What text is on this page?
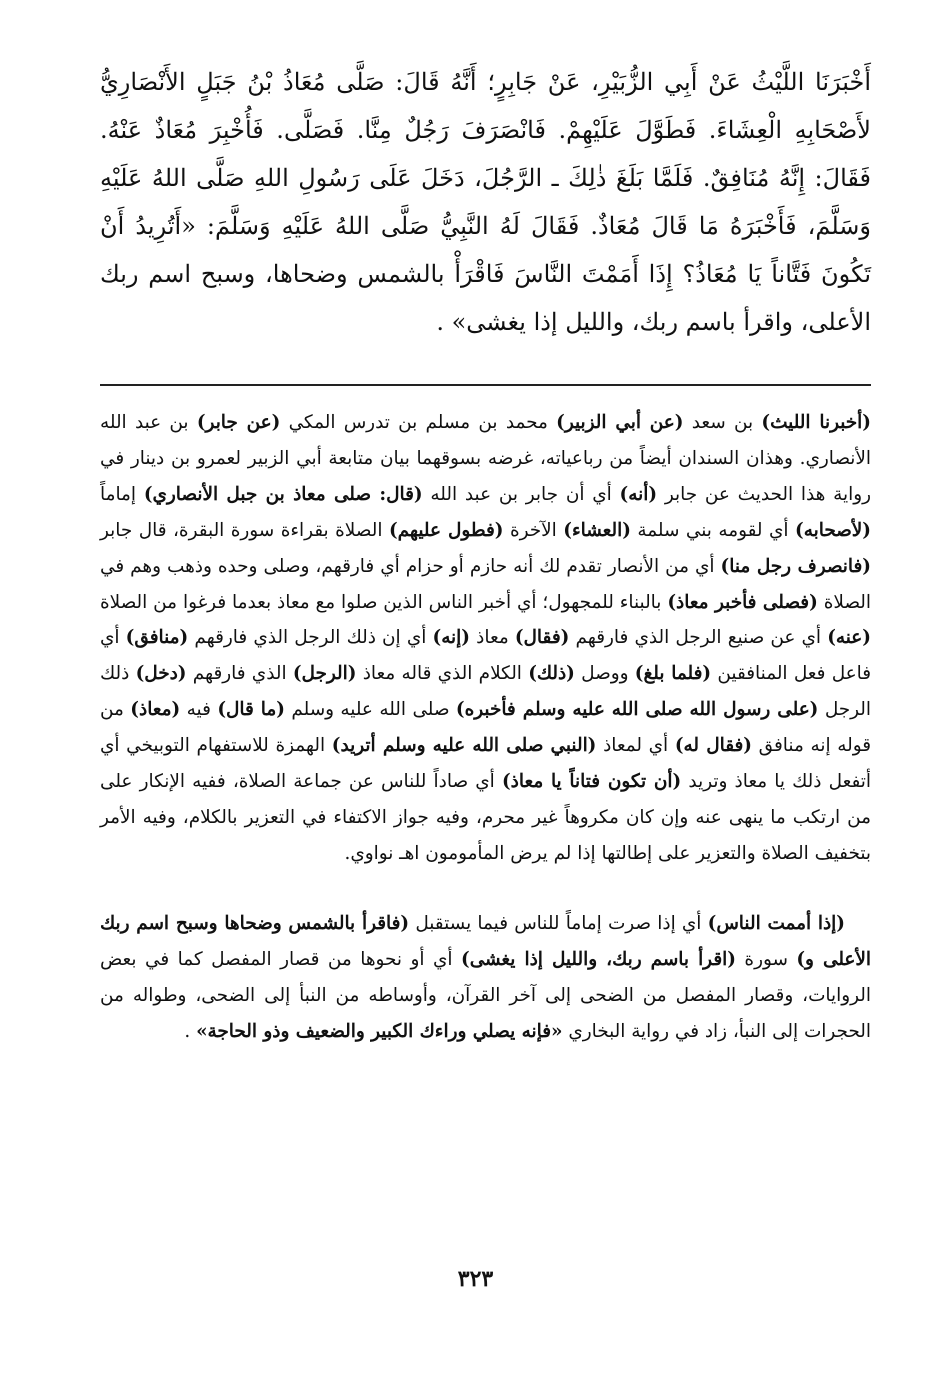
أَخْبَرَنَا اللَّيْثُ عَنْ أَبِي الزُّبَيْرِ، عَنْ جَابِرٍ؛ أَنَّهُ قَالَ: صَلَّى مُعَاذُ بْنُ جَبَلٍ الأَنْصَارِيُّ لأَصْحَابِهِ الْعِشَاءَ. فَطَوَّلَ عَلَيْهِمْ. فَانْصَرَفَ رَجُلٌ مِنَّا. فَصَلَّى. فَأُخْبِرَ مُعَاذٌ عَنْهُ. فَقَالَ: إِنَّهُ مُنَافِقٌ. فَلَمَّا بَلَغَ ذٰلِكَ ـ الرَّجُلَ، دَخَلَ عَلَى رَسُولِ اللهِ صَلَّى اللهُ عَلَيْهِ وَسَلَّمَ، فَأَخْبَرَهُ مَا قَالَ مُعَاذٌ. فَقَالَ لَهُ النَّبِيُّ صَلَّى اللهُ عَلَيْهِ وَسَلَّمَ: «أَتُرِيدُ أَنْ تَكُونَ فَتَّاناً يَا مُعَاذُ؟ إِذَا أَمَمْتَ النَّاسَ فَاقْرَأْ بالشمس وضحاها، وسبح اسم ربك الأعلى، واقرأ باسم ربك، والليل إذا يغشى» .

(أخبرنا الليث) بن سعد (عن أبي الزبير) محمد بن مسلم بن تدرس المكي (عن جابر) بن عبد الله الأنصاري. وهذان السندان أيضاً من رباعياته، غرضه بسوقهما بيان متابعة أبي الزبير لعمرو بن دينار في رواية هذا الحديث عن جابر (أنه) أي أن جابر بن عبد الله (قال: صلى معاذ بن جبل الأنصاري) إماماً (لأصحابه) أي لقومه بني سلمة (العشاء) الآخرة (فطول عليهم) الصلاة بقراءة سورة البقرة، قال جابر (فانصرف رجل منا) أي من الأنصار تقدم لك أنه حازم أو حزام أي فارقهم، وصلى وحده وذهب وهم في الصلاة (فصلى فأخبر معاذ) بالبناء للمجهول؛ أي أخبر الناس الذين صلوا مع معاذ بعدما فرغوا من الصلاة (عنه) أي عن صنيع الرجل الذي فارقهم (فقال) معاذ (إنه) أي إن ذلك الرجل الذي فارقهم (منافق) أي فاعل فعل المنافقين (فلما بلغ) ووصل (ذلك) الكلام الذي قاله معاذ (الرجل) الذي فارقهم (دخل) ذلك الرجل (على رسول الله صلى الله عليه وسلم فأخبره) صلى الله عليه وسلم (ما قال) فيه (معاذ) من قوله إنه منافق (فقال له) أي لمعاذ (النبي صلى الله عليه وسلم أتريد) الهمزة للاستفهام التوبيخي أي أتفعل ذلك يا معاذ وتريد (أن تكون فتاناً يا معاذ) أي صاداً للناس عن جماعة الصلاة، ففيه الإنكار على من ارتكب ما ينهى عنه وإن كان مكروهاً غير محرم، وفيه جواز الاكتفاء في التعزير بالكلام، وفيه الأمر بتخفيف الصلاة والتعزير على إطالتها إذا لم يرض المأمومون اهـ نواوي.

(إذا أممت الناس) أي إذا صرت إماماً للناس فيما يستقبل (فاقرأ بالشمس وضحاها وسبح اسم ربك الأعلى و) سورة (اقرأ باسم ربك، والليل إذا يغشى) أي أو نحوها من قصار المفصل كما في بعض الروايات، وقصار المفصل من الضحى إلى آخر القرآن، وأوساطه من النبأ إلى الضحى، وطواله من الحجرات إلى النبأ، زاد في رواية البخاري «فإنه يصلي وراءك الكبير والضعيف وذو الحاجة» .

٣٢٣
